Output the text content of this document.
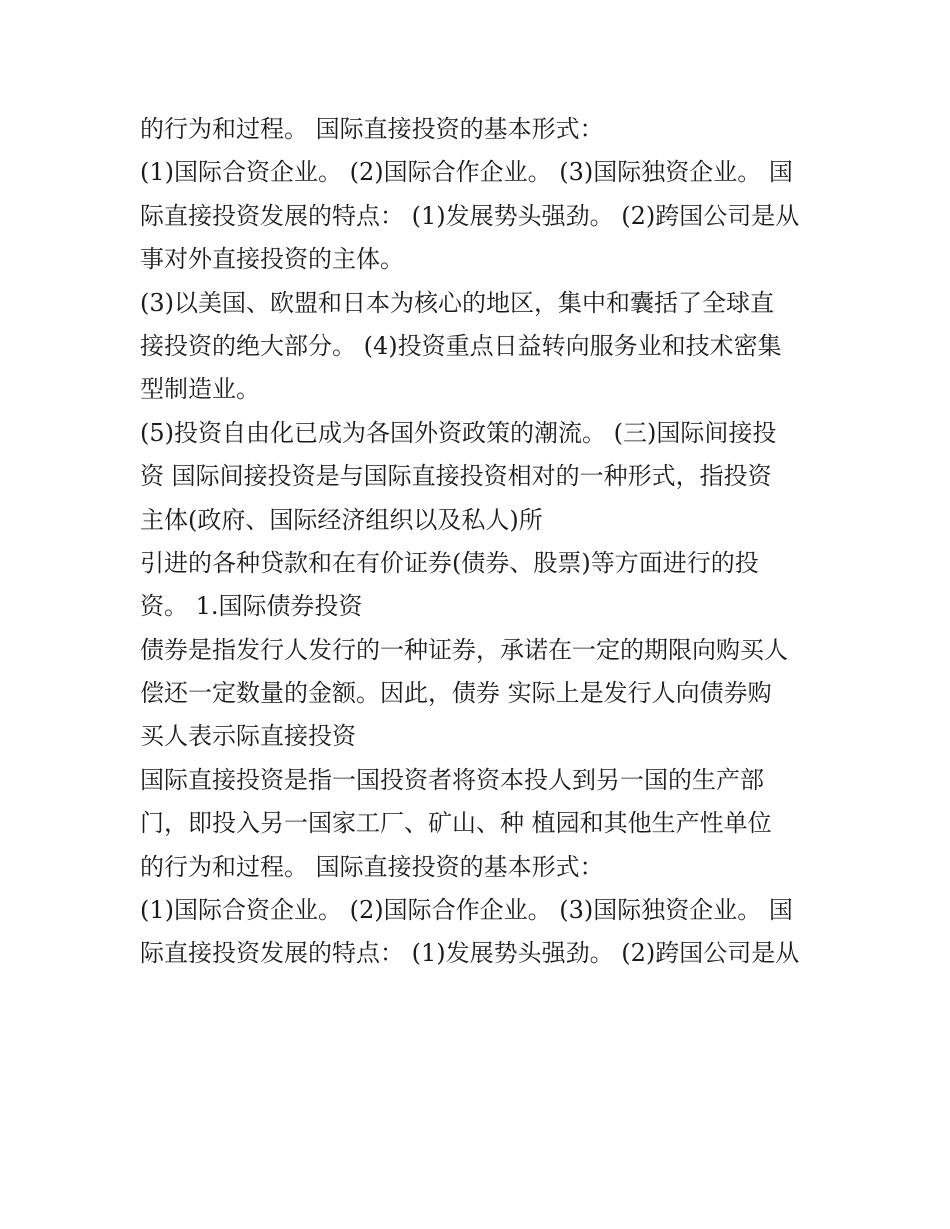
的行为和过程。 国际直接投资的基本形式：
(1)国际合资企业。 (2)国际合作企业。 (3)国际独资企业。 国
际直接投资发展的特点： (1)发展势头强劲。 (2)跨国公司是从
事对外直接投资的主体。
(3)以美国、欧盟和日本为核心的地区，集中和囊括了全球直
接投资的绝大部分。 (4)投资重点日益转向服务业和技术密集
型制造业。
(5)投资自由化已成为各国外资政策的潮流。 (三)国际间接投
资 国际间接投资是与国际直接投资相对的一种形式，指投资
主体(政府、国际经济组织以及私人)所
引进的各种贷款和在有价证券(债券、股票)等方面进行的投
资。 1.国际债券投资
债券是指发行人发行的一种证券，承诺在一定的期限向购买人
偿还一定数量的金额。因此，债券 实际上是发行人向债券购
买人表示际直接投资
国际直接投资是指一国投资者将资本投人到另一国的生产部
门，即投入另一国家工厂、矿山、种 植园和其他生产性单位
的行为和过程。 国际直接投资的基本形式：
(1)国际合资企业。 (2)国际合作企业。 (3)国际独资企业。 国
际直接投资发展的特点： (1)发展势头强劲。 (2)跨国公司是从
